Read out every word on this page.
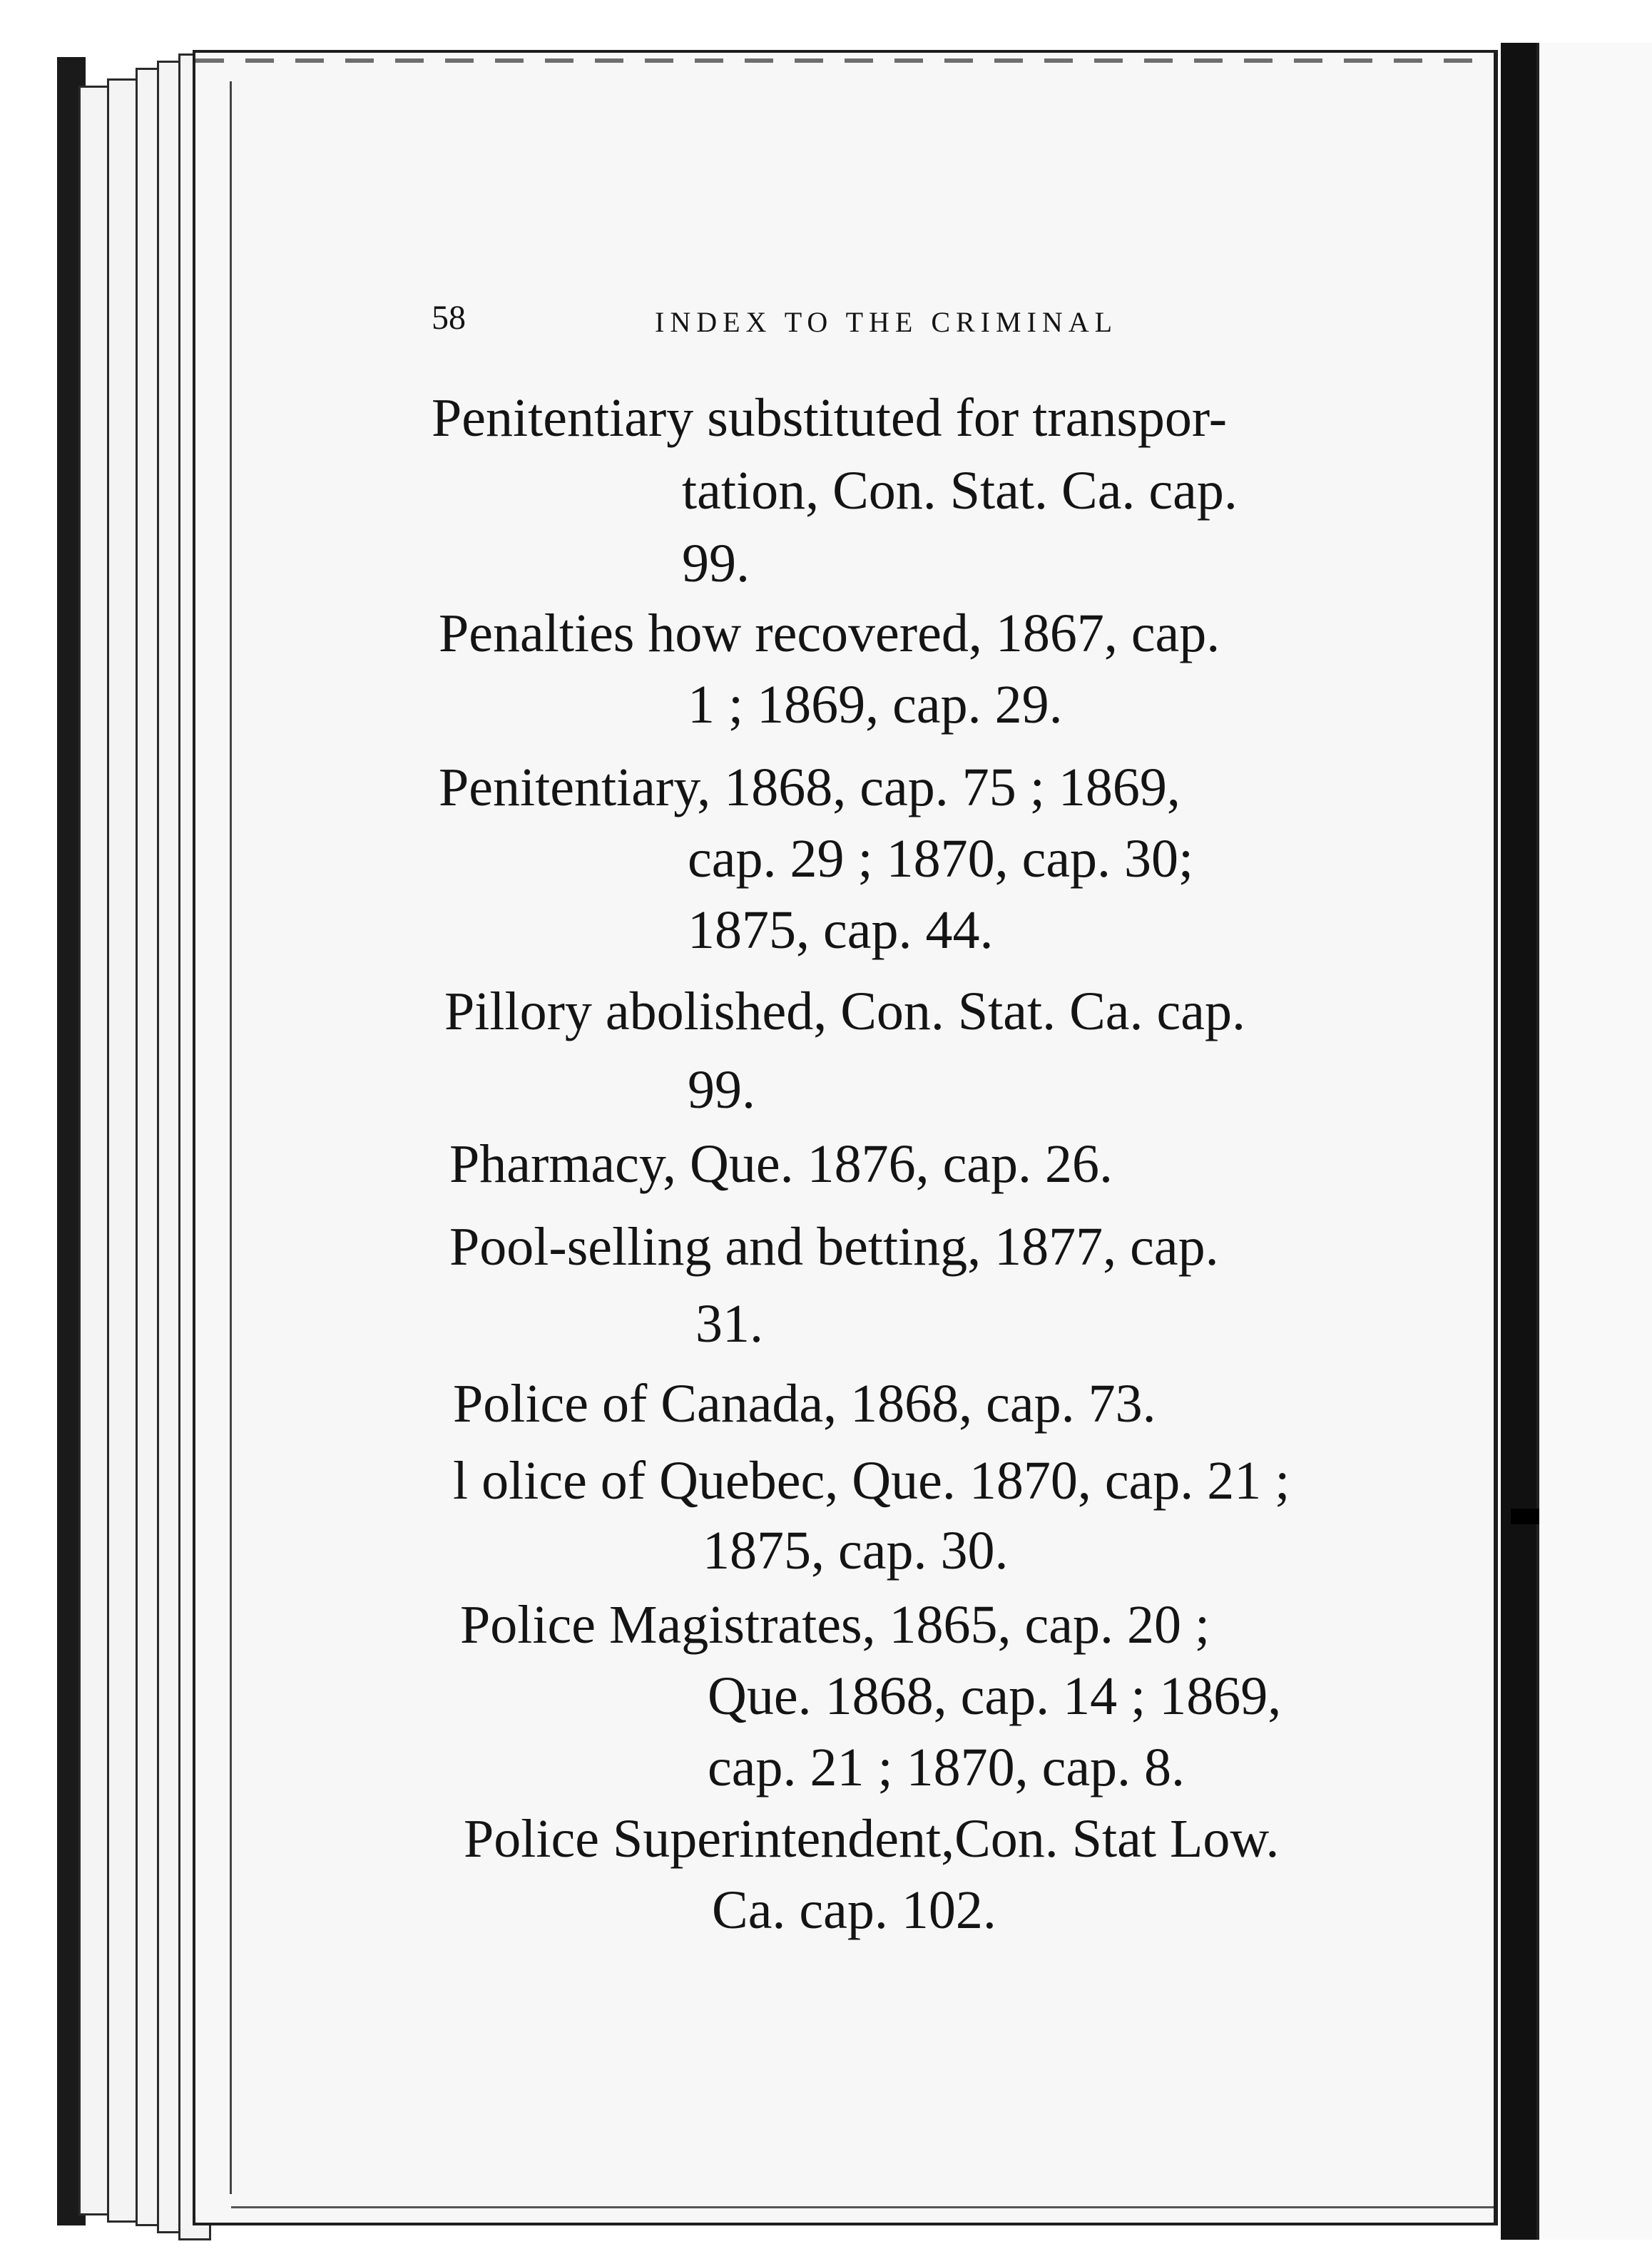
58	INDEX TO THE CRIMINAL
Penitentiary substituted for transpor-
tation, Con. Stat. Ca. cap.
99.
Penalties how recovered, 1867, cap.
1 ; 1869, cap. 29.
Penitentiary, 1868, cap. 75 ; 1869,
cap. 29 ; 1870, cap. 30;
1875, cap. 44.
Pillory abolished, Con. Stat. Ca. cap.
99.
Pharmacy, Que. 1876, cap. 26.
Pool-selling and betting, 1877, cap.
31.
Police of Canada, 1868, cap. 73.
l olice of Quebec, Que. 1870, cap. 21 ;
1875, cap. 30.
Police Magistrates, 1865, cap. 20 ;
Que. 1868, cap. 14 ; 1869,
cap. 21 ; 1870, cap. 8.
Police Superintendent,Con. Stat Low.
Ca. cap. 102.
